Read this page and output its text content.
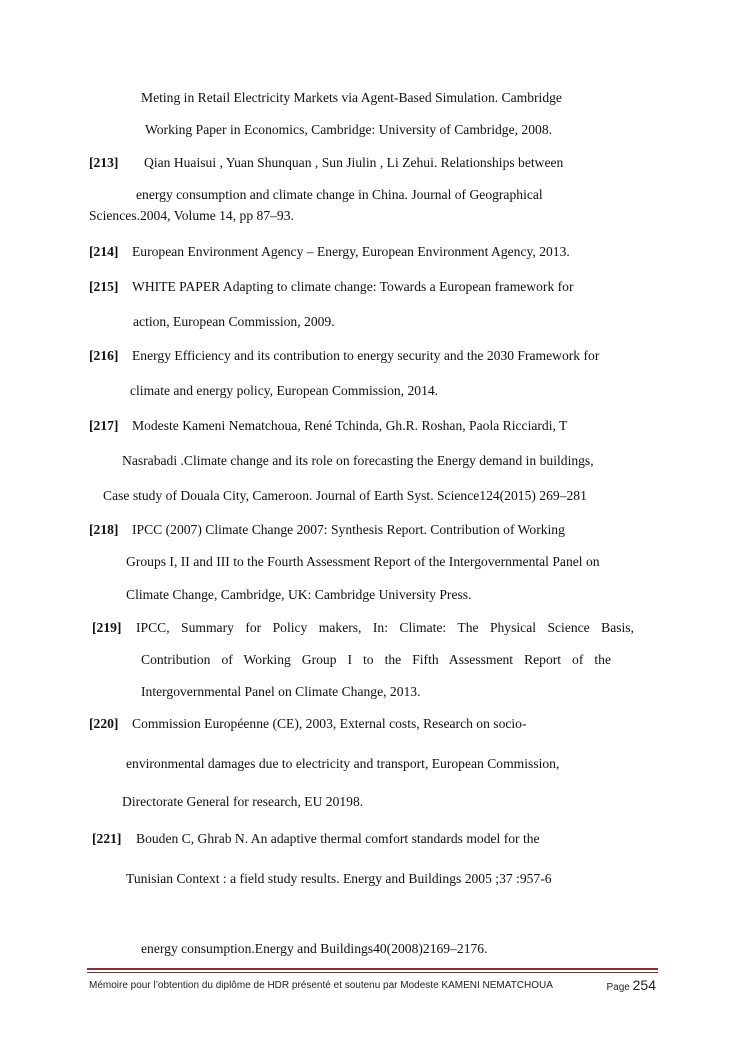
Meting in Retail Electricity Markets via Agent-Based Simulation. Cambridge
Working Paper in Economics, Cambridge: University of Cambridge, 2008.
[213] Qian Huaisui , Yuan Shunquan , Sun Jiulin , Li Zehui. Relationships between
energy consumption and climate change in China. Journal of Geographical
Sciences.2004, Volume 14, pp 87–93.
[214] European Environment Agency – Energy, European Environment Agency, 2013.
[215] WHITE PAPER Adapting to climate change: Towards a European framework for
action, European Commission, 2009.
[216] Energy Efficiency and its contribution to energy security and the 2030 Framework for
climate and energy policy, European Commission, 2014.
[217] Modeste Kameni Nematchoua, René Tchinda, Gh.R. Roshan, Paola Ricciardi, T
Nasrabadi .Climate change and its role on forecasting the Energy demand in buildings,
Case study of Douala City, Cameroon. Journal of Earth Syst. Science124(2015) 269–281
[218] IPCC (2007) Climate Change 2007: Synthesis Report. Contribution of Working
Groups I, II and III to the Fourth Assessment Report of the Intergovernmental Panel on
Climate Change, Cambridge, UK: Cambridge University Press.
[219] IPCC, Summary for Policy makers, In: Climate: The Physical Science Basis,
Contribution of Working Group I to the Fifth Assessment Report of the
Intergovernmental Panel on Climate Change, 2013.
[220] Commission Européenne (CE), 2003, External costs, Research on socio-
environmental damages due to electricity and transport, European Commission,
Directorate General for research, EU 20198.
[221] Bouden C, Ghrab N. An adaptive thermal comfort standards model for the
Tunisian Context : a field study results. Energy and Buildings 2005 ;37 :957-6
energy consumption.Energy and Buildings40(2008)2169–2176.
Mémoire pour l’obtention du diplôme de HDR présenté et soutenu par Modeste KAMENI NEMATCHOUA	Page 254
